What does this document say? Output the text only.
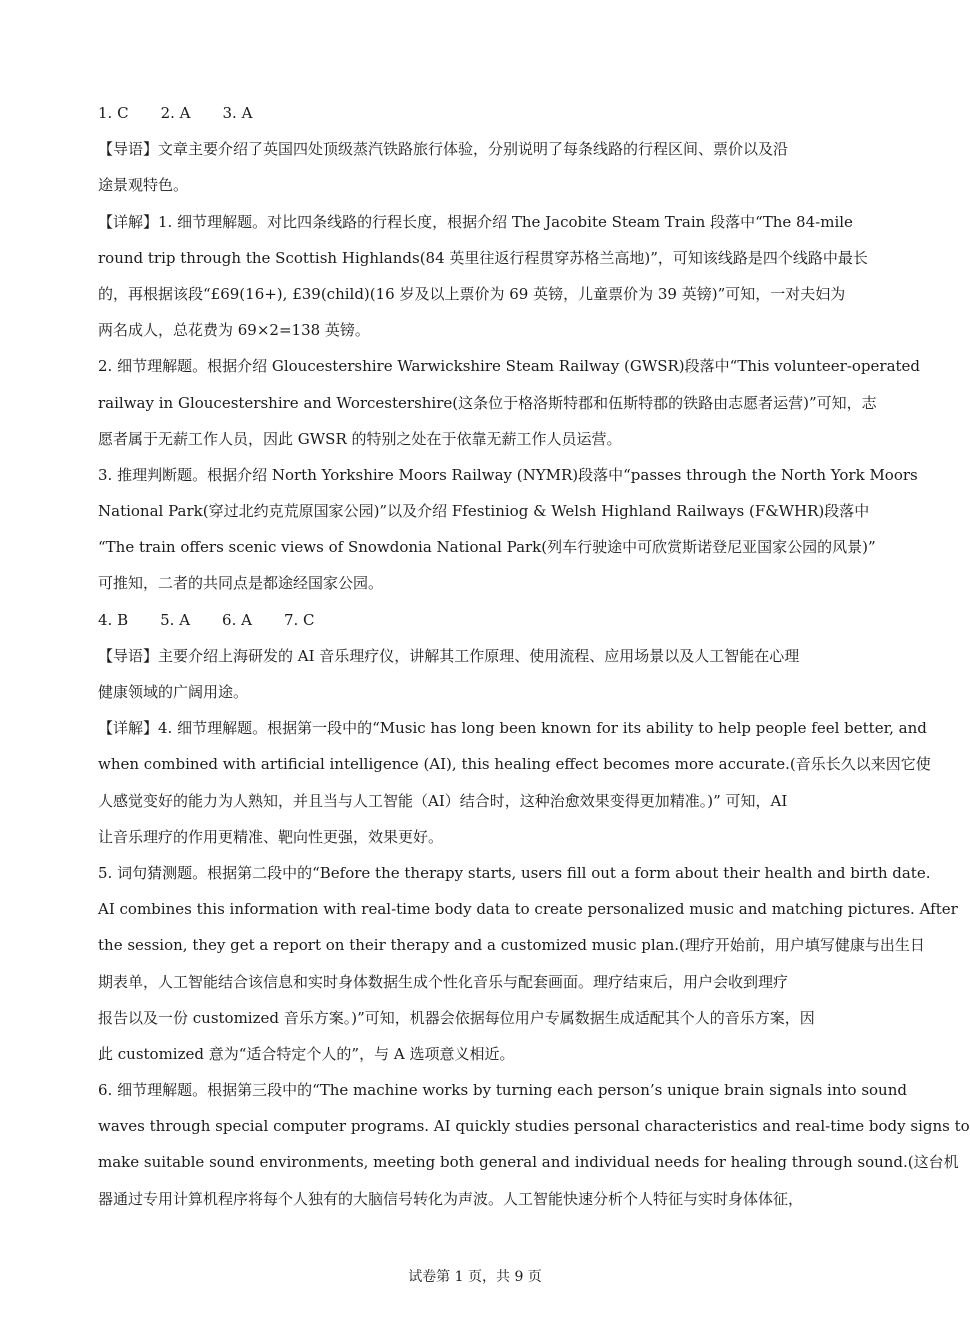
1. C 2. A 3. A
【导语】文章主要介绍了英国四处顶级蒸汽铁路旅行体验，分别说明了每条线路的行程区间、票价以及沿
途景观特色。
【详解】1. 细节理解题。对比四条线路的行程长度，根据介绍 The Jacobite Steam Train 段落中“The 84-mile
round trip through the Scottish Highlands(84 英里往返行程贯穿苏格兰高地)”，可知该线路是四个线路中最长
的，再根据该段“£69(16+), £39(child)(16 岁及以上票价为 69 英镑，儿童票价为 39 英镑)”可知，一对夫妇为
两名成人，总花费为 69×2=138 英镑。
2. 细节理解题。根据介绍 Gloucestershire Warwickshire Steam Railway (GWSR)段落中“This volunteer-operated
railway in Gloucestershire and Worcestershire(这条位于格洛斯特郡和伍斯特郡的铁路由志愿者运营)”可知，志
愿者属于无薪工作人员，因此 GWSR 的特别之处在于依靠无薪工作人员运营。
3. 推理判断题。根据介绍 North Yorkshire Moors Railway (NYMR)段落中“passes through the North York Moors
National Park(穿过北约克荒原国家公园)”以及介绍 Ffestiniog & Welsh Highland Railways (F&WHR)段落中
“The train offers scenic views of Snowdonia National Park(列车行驶途中可欣赏斯诺登尼亚国家公园的风景)”
可推知，二者的共同点是都途经国家公园。
4. B 5. A 6. A 7. C
【导语】主要介绍上海研发的 AI 音乐理疗仪，讲解其工作原理、使用流程、应用场景以及人工智能在心理
健康领域的广阔用途。
【详解】4. 细节理解题。根据第一段中的“Music has long been known for its ability to help people feel better, and
when combined with artificial intelligence (AI), this healing effect becomes more accurate.(音乐长久以来因它使
人感觉变好的能力为人熟知，并且当与人工智能（AI）结合时，这种治愈效果变得更加精准。)” 可知，AI
让音乐理疗的作用更精准、靶向性更强，效果更好。
5. 词句猜测题。根据第二段中的“Before the therapy starts, users fill out a form about their health and birth date.
AI combines this information with real-time body data to create personalized music and matching pictures. After
the session, they get a report on their therapy and a customized music plan.(理疗开始前，用户填写健康与出生日
期表单，人工智能结合该信息和实时身体数据生成个性化音乐与配套画面。理疗结束后，用户会收到理疗
报告以及一份 customized 音乐方案。)”可知，机器会依据每位用户专属数据生成适配其个人的音乐方案，因
此 customized 意为“适合特定个人的”，与 A 选项意义相近。
6. 细节理解题。根据第三段中的“The machine works by turning each person’s unique brain signals into sound
waves through special computer programs. AI quickly studies personal characteristics and real-time body signs to
make suitable sound environments, meeting both general and individual needs for healing through sound.(这台机
器通过专用计算机程序将每个人独有的大脑信号转化为声波。人工智能快速分析个人特征与实时身体体征，
试卷第 1 页，共 9 页
